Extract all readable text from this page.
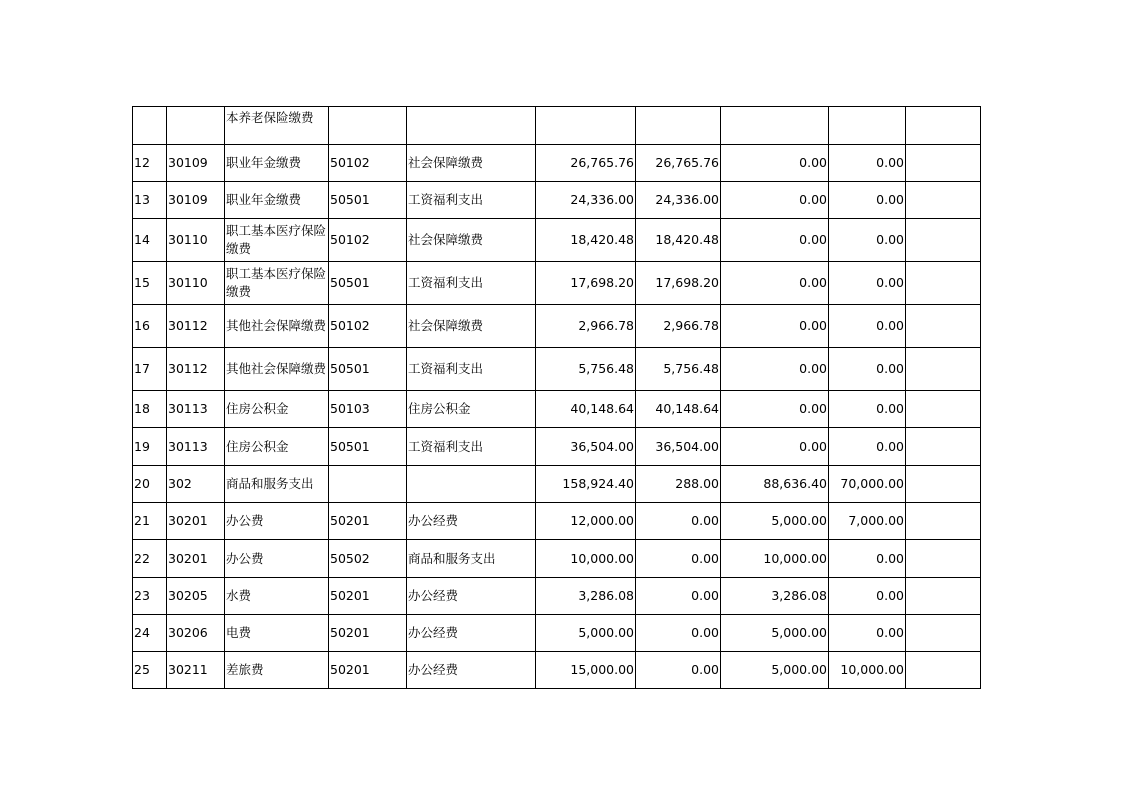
		本养老保险缴费							
12	30109	职业年金缴费	50102	社会保障缴费	26,765.76	26,765.76	0.00	0.00	
13	30109	职业年金缴费	50501	工资福利支出	24,336.00	24,336.00	0.00	0.00	
14	30110	职工基本医疗保险缴费	50102	社会保障缴费	18,420.48	18,420.48	0.00	0.00	
15	30110	职工基本医疗保险缴费	50501	工资福利支出	17,698.20	17,698.20	0.00	0.00	
16	30112	其他社会保障缴费	50102	社会保障缴费	2,966.78	2,966.78	0.00	0.00	
17	30112	其他社会保障缴费	50501	工资福利支出	5,756.48	5,756.48	0.00	0.00	
18	30113	住房公积金	50103	住房公积金	40,148.64	40,148.64	0.00	0.00	
19	30113	住房公积金	50501	工资福利支出	36,504.00	36,504.00	0.00	0.00	
20	302	商品和服务支出			158,924.40	288.00	88,636.40	70,000.00	
21	30201	办公费	50201	办公经费	12,000.00	0.00	5,000.00	7,000.00	
22	30201	办公费	50502	商品和服务支出	10,000.00	0.00	10,000.00	0.00	
23	30205	水费	50201	办公经费	3,286.08	0.00	3,286.08	0.00	
24	30206	电费	50201	办公经费	5,000.00	0.00	5,000.00	0.00	
25	30211	差旅费	50201	办公经费	15,000.00	0.00	5,000.00	10,000.00	
